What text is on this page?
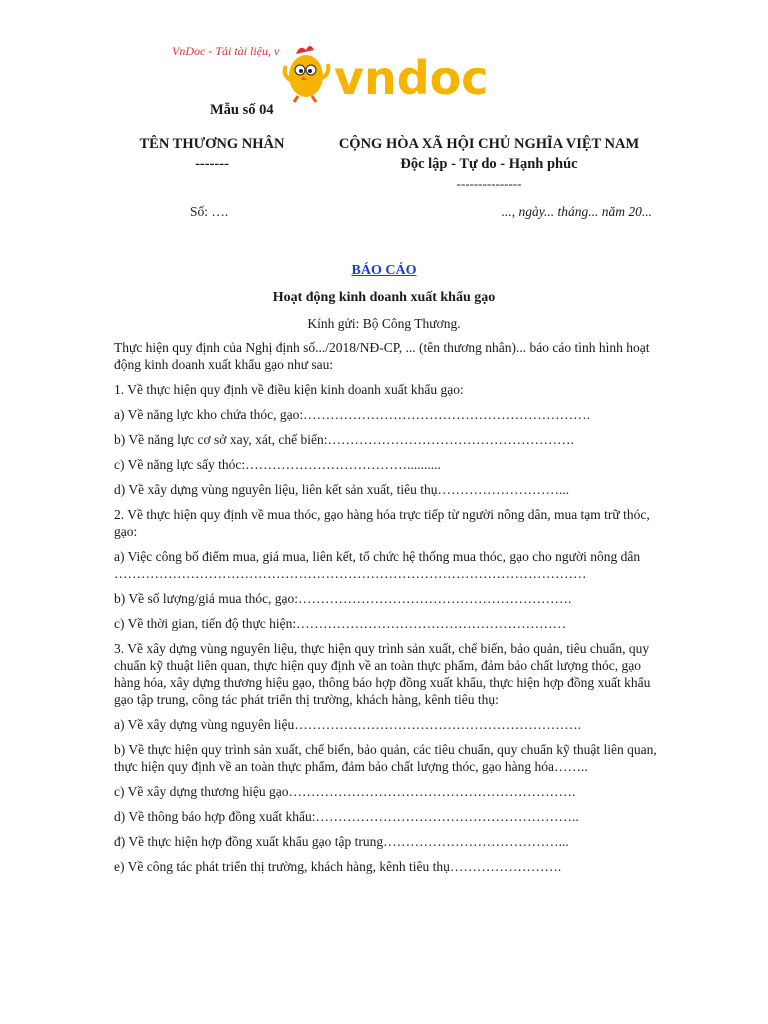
VnDoc - Tải tài liệu, v vndoc
Mẫu số 04
TÊN THƯƠNG NHÂN
-------
CỘNG HÒA XÃ HỘI CHỦ NGHĨA VIỆT NAM
Độc lập - Tự do - Hạnh phúc
---------------
Số: ….	..., ngày... tháng... năm 20...
BÁO CÁO
Hoạt động kinh doanh xuất khẩu gạo
Kính gửi: Bộ Công Thương.

Thực hiện quy định của Nghị định số.../2018/NĐ-CP, ... (tên thương nhân)... báo cáo tình hình hoạt động kinh doanh xuất khẩu gạo như sau:

1. Về thực hiện quy định về điều kiện kinh doanh xuất khẩu gạo:

a) Về năng lực kho chứa thóc, gạo:……………………………………………………….

b) Về năng lực cơ sở xay, xát, chế biến:……………………………………………….

c) Về năng lực sấy thóc:………………………………..........

d) Về xây dựng vùng nguyên liệu, liên kết sản xuất, tiêu thụ………………………...

2. Về thực hiện quy định về mua thóc, gạo hàng hóa trực tiếp từ người nông dân, mua tạm trữ thóc, gạo:

a) Việc công bố điểm mua, giá mua, liên kết, tổ chức hệ thống mua thóc, gạo cho người nông dân ……………………………………………………………………………………………

b) Về số lượng/giá mua thóc, gạo:…………………………………………………….

c) Về thời gian, tiến độ thực hiện:……………………………………………………

3. Về xây dựng vùng nguyên liệu, thực hiện quy trình sản xuất, chế biến, bảo quản, tiêu chuẩn, quy chuẩn kỹ thuật liên quan, thực hiện quy định về an toàn thực phẩm, đảm bảo chất lượng thóc, gạo hàng hóa, xây dựng thương hiệu gạo, thông báo hợp đồng xuất khẩu, thực hiện hợp đồng xuất khẩu gạo tập trung, công tác phát triển thị trường, khách hàng, kênh tiêu thụ:

a) Về xây dựng vùng nguyên liệu……………………………………………………….

b) Về thực hiện quy trình sản xuất, chế biến, bảo quản, các tiêu chuẩn, quy chuẩn kỹ thuật liên quan, thực hiện quy định về an toàn thực phẩm, đảm bảo chất lượng thóc, gạo hàng hóa……..

c) Về xây dựng thương hiệu gạo……………………………………………………….

d) Về thông báo hợp đồng xuất khẩu:…………………………………………………..

đ) Về thực hiện hợp đồng xuất khẩu gạo tập trung…………………………………...

e) Về công tác phát triển thị trường, khách hàng, kênh tiêu thụ…………………….
